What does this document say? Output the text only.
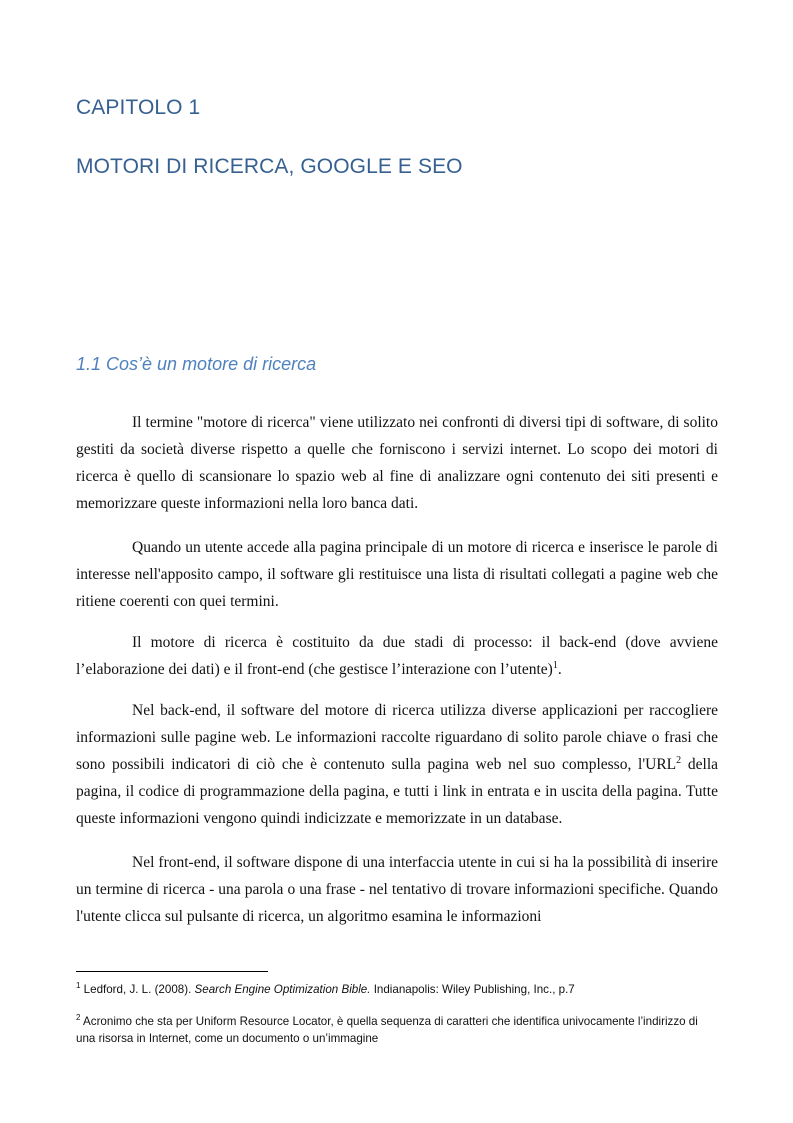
CAPITOLO 1
MOTORI DI RICERCA, GOOGLE E SEO
1.1 Cos’è un motore di ricerca

Il termine "motore di ricerca" viene utilizzato nei confronti di diversi tipi di software, di solito gestiti da società diverse rispetto a quelle che forniscono i servizi internet. Lo scopo dei motori di ricerca è quello di scansionare lo spazio web al fine di analizzare ogni contenuto dei siti presenti e memorizzare queste informazioni nella loro banca dati.

Quando un utente accede alla pagina principale di un motore di ricerca e inserisce le parole di interesse nell'apposito campo, il software gli restituisce una lista di risultati collegati a pagine web che ritiene coerenti con quei termini.

Il motore di ricerca è costituito da due stadi di processo: il back-end (dove avviene l’elaborazione dei dati) e il front-end (che gestisce l’interazione con l’utente)$^1$.

Nel back-end, il software del motore di ricerca utilizza diverse applicazioni per raccogliere informazioni sulle pagine web. Le informazioni raccolte riguardano di solito parole chiave o frasi che sono possibili indicatori di ciò che è contenuto sulla pagina web nel suo complesso, l'URL$^2$ della pagina, il codice di programmazione della pagina, e tutti i link in entrata e in uscita della pagina. Tutte queste informazioni vengono quindi indicizzate e memorizzate in un database.

Nel front-end, il software dispone di una interfaccia utente in cui si ha la possibilità di inserire un termine di ricerca - una parola o una frase - nel tentativo di trovare informazioni specifiche. Quando l'utente clicca sul pulsante di ricerca, un algoritmo esamina le informazioni

$^1$ Ledford, J. L. (2008). Search Engine Optimization Bible. Indianapolis: Wiley Publishing, Inc., p.7

$^2$ Acronimo che sta per Uniform Resource Locator, è quella sequenza di caratteri che identifica univocamente l’indirizzo di una risorsa in Internet, come un documento o un’immagine
